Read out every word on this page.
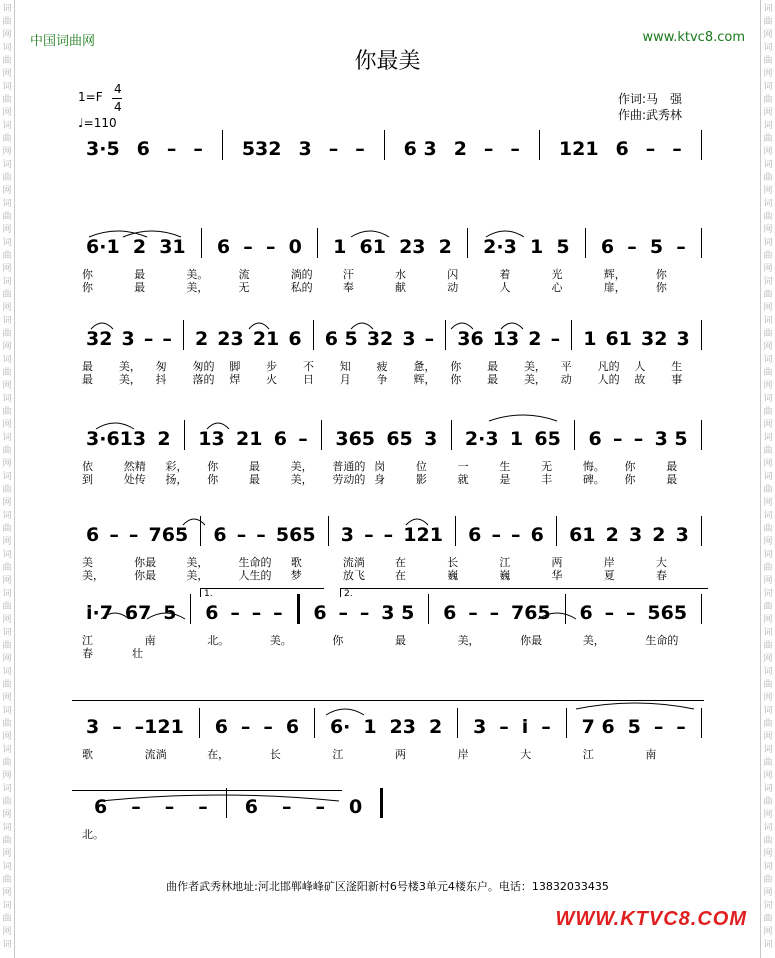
中国词曲网	www.ktvc8.com
你最美
1=F
4
4
♩=110
作词:马　强
作曲:武秀林
3·5 6 – – 532 3 – – 6 3 2 – – 121 6 – –
6·1 2 31 6 – – 0 1 61 23 2 2·3 1 5 6 – 5 –
你	最	美。	流	淌的	汗	水	闪	着	光	辉，	你
你	最	美，	无	私的	奉	献	动	人	心	扉，	你
32 3 – – 2 23 21 6 6 5 32 3 – 36 13 2 – 1 61 32 3
最	美，	匆	匆的	脚	步	不	知	疲	惫，	你	最	美，	平	凡的	人	生
最	美，	抖	落的	焊	火	日	月	争	辉，	你	最	美，	动	人的	故	事
3·613 2 13 21 6 – 365 65 3 2·3 1 65 6 – – 3 5
依	然精	彩，	你	最	美，	普通的 岗	位	一	生	无	悔。	你	最
到	处传	扬，	你	最	美，	劳动的 身	影	就	是	丰	碑。	你	最
6 – – 765 6 – – 565 3 – – 121 6 – – 6 61 2 3 2 3
美	你最	美，	生命的	歌	流淌	在	长	江	两	岸	大
美，	你最	美，	人生的	梦	放飞	在	巍	巍	华	夏	春
i·7 67 5 6 – – – 6 – – 3 5 6 – – 765 6 – – 565
江	南	北。	美。	你	最	美，	你最	美，	生命的
春	壮
1.	2.
3 – –121 6 – – 6 6· 1 23 2 3 – i – 7 6 5 – –
歌	流淌	在，	长	江	两	岸	大	江	南
6 – – – 6 – – 0
北。
曲作者武秀林地址:河北邯郸峰峰矿区滏阳新村6号楼3单元4楼东户。电话：13832033435
WWW.KTVC8.COM
词	词
曲	曲
网	网
词	词
曲	曲
网	网
词	词
曲	曲
网	网
词	词
曲	曲
网	网
词	词
曲	曲
网	网
词	词
曲	曲
网	网
词	词
曲	曲
网	网
词	词
曲	曲
网	网
词	词
曲	曲
网	网
词	词
曲	曲
网	网
词	词
曲	曲
网	网
词	词
曲	曲
网	网
词	词
曲	曲
网	网
词	词
曲	曲
网	网
词	词
曲	曲
网	网
词	词
曲	曲
网	网
词	词
曲	曲
网	网
词	词
曲	曲
网	网
词	词
曲	曲
网	网
词	词
曲	曲
网	网
词	词
曲	曲
网	网
词	词
曲	曲
网	网
词	词
曲	曲
网	网
词	词
曲	曲
网	网
词	词
